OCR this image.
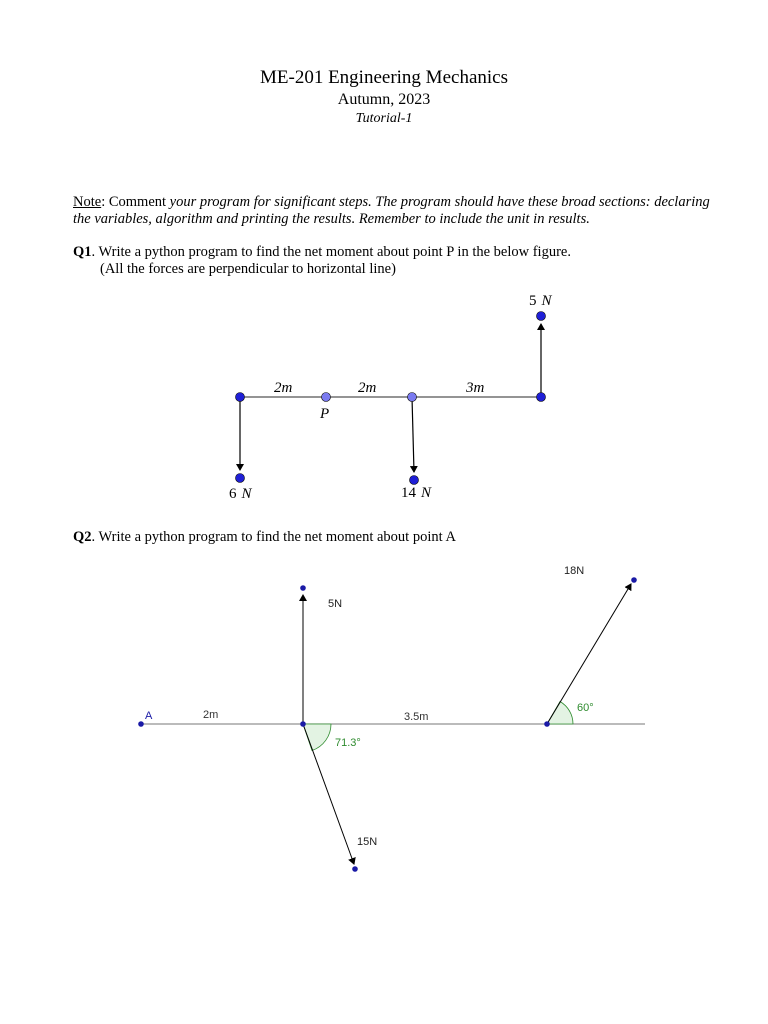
ME-201 Engineering Mechanics
Autumn, 2023
Tutorial-1
Note: Comment your program for significant steps. The program should have these broad sections: declaring the variables, algorithm and printing the results. Remember to include the unit in results.
Q1. Write a python program to find the net moment about point P in the below figure.
(All the forces are perpendicular to horizontal line)
Q2. Write a python program to find the net moment about point A
2m	2m	3m
P
5 N
6 N	14 N
A	2m	3.5m
5N
15N
18N
71.3°
60°
